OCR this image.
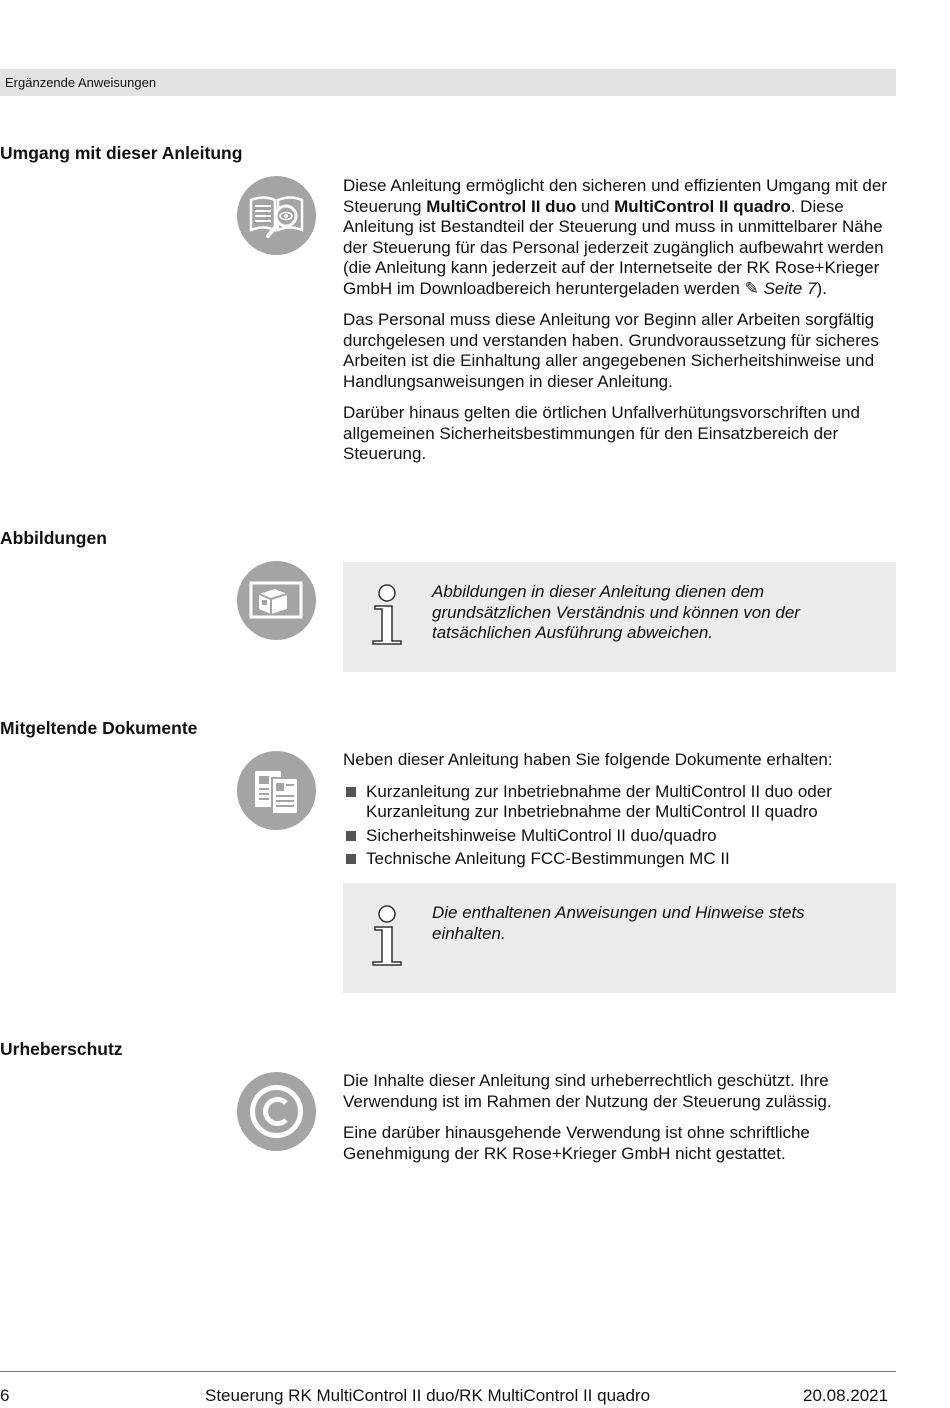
Ergänzende Anweisungen
Umgang mit dieser Anleitung

Diese Anleitung ermöglicht den sicheren und effizienten Umgang mit der Steuerung MultiControl II duo und MultiControl II quadro. Diese Anleitung ist Bestandteil der Steuerung und muss in unmittelbarer Nähe der Steuerung für das Personal jederzeit zugänglich aufbewahrt werden (die Anleitung kann jederzeit auf der Internetseite der RK Rose+Krieger GmbH im Downloadbereich heruntergeladen werden ✎ Seite 7).

Das Personal muss diese Anleitung vor Beginn aller Arbeiten sorgfältig durchgelesen und verstanden haben. Grundvoraussetzung für sicheres Arbeiten ist die Einhaltung aller angegebenen Sicherheitshinweise und Handlungsanweisungen in dieser Anleitung.

Darüber hinaus gelten die örtlichen Unfallverhütungsvorschriften und allgemeinen Sicherheitsbestimmungen für den Einsatzbereich der Steuerung.

Abbildungen
Abbildungen in dieser Anleitung dienen dem grundsätzlichen Verständnis und können von der tatsächlichen Ausführung abweichen.
Mitgeltende Dokumente

Neben dieser Anleitung haben Sie folgende Dokumente erhalten:

Kurzanleitung zur Inbetriebnahme der MultiControl II duo oder Kurzanleitung zur Inbetriebnahme der MultiControl II quadro
Sicherheitshinweise MultiControl II duo/quadro
Technische Anleitung FCC-Bestimmungen MC II
Die enthaltenen Anweisungen und Hinweise stets einhalten.
Urheberschutz

Die Inhalte dieser Anleitung sind urheberrechtlich geschützt. Ihre Verwendung ist im Rahmen der Nutzung der Steuerung zulässig.

Eine darüber hinausgehende Verwendung ist ohne schriftliche Genehmigung der RK Rose+Krieger GmbH nicht gestattet.

6	Steuerung RK MultiControl II duo/RK MultiControl II quadro	20.08.2021
